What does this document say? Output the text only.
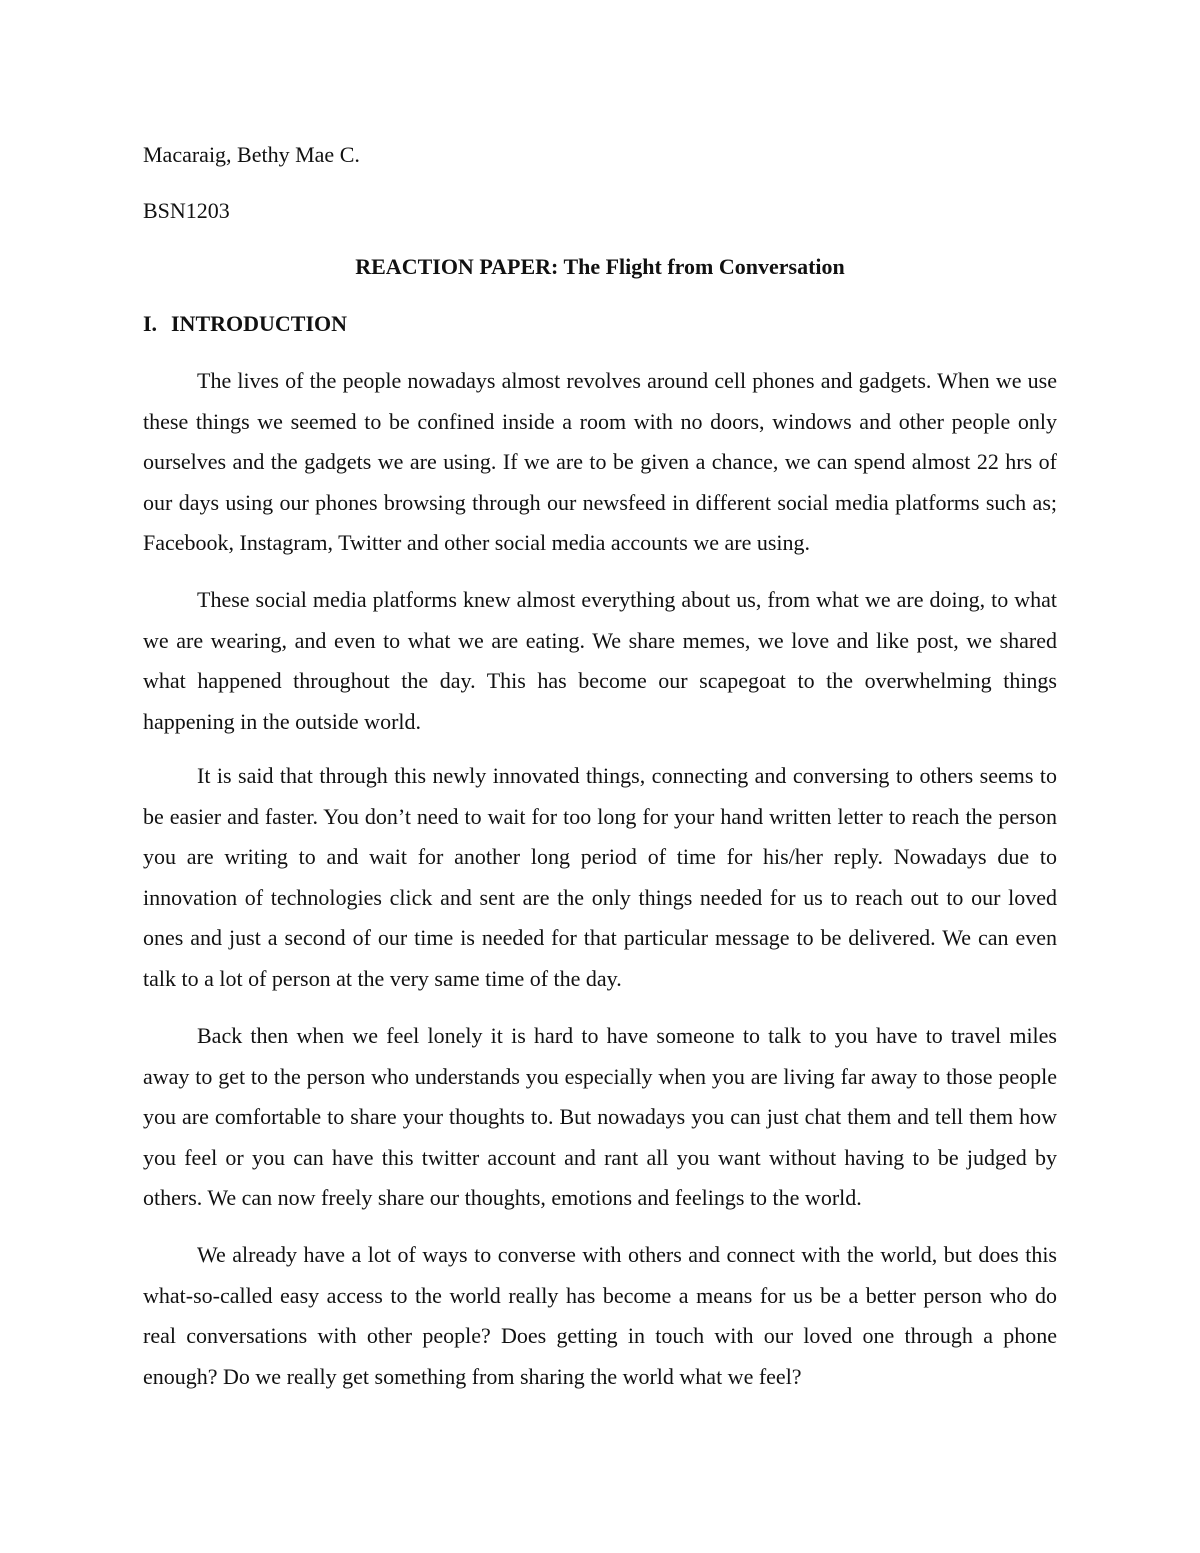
Macaraig, Bethy Mae C.

BSN1203

REACTION PAPER: The Flight from Conversation

I. INTRODUCTION

The lives of the people nowadays almost revolves around cell phones and gadgets. When we use these things we seemed to be confined inside a room with no doors, windows and other people only ourselves and the gadgets we are using. If we are to be given a chance, we can spend almost 22 hrs of our days using our phones browsing through our newsfeed in different social media platforms such as; Facebook, Instagram, Twitter and other social media accounts we are using.

These social media platforms knew almost everything about us, from what we are doing, to what we are wearing, and even to what we are eating. We share memes, we love and like post, we shared what happened throughout the day. This has become our scapegoat to the overwhelming things happening in the outside world.

It is said that through this newly innovated things, connecting and conversing to others seems to be easier and faster. You don’t need to wait for too long for your hand written letter to reach the person you are writing to and wait for another long period of time for his/her reply. Nowadays due to innovation of technologies click and sent are the only things needed for us to reach out to our loved ones and just a second of our time is needed for that particular message to be delivered. We can even talk to a lot of person at the very same time of the day.

Back then when we feel lonely it is hard to have someone to talk to you have to travel miles away to get to the person who understands you especially when you are living far away to those people you are comfortable to share your thoughts to. But nowadays you can just chat them and tell them how you feel or you can have this twitter account and rant all you want without having to be judged by others. We can now freely share our thoughts, emotions and feelings to the world.

We already have a lot of ways to converse with others and connect with the world, but does this what-so-called easy access to the world really has become a means for us be a better person who do real conversations with other people? Does getting in touch with our loved one through a phone enough? Do we really get something from sharing the world what we feel?
